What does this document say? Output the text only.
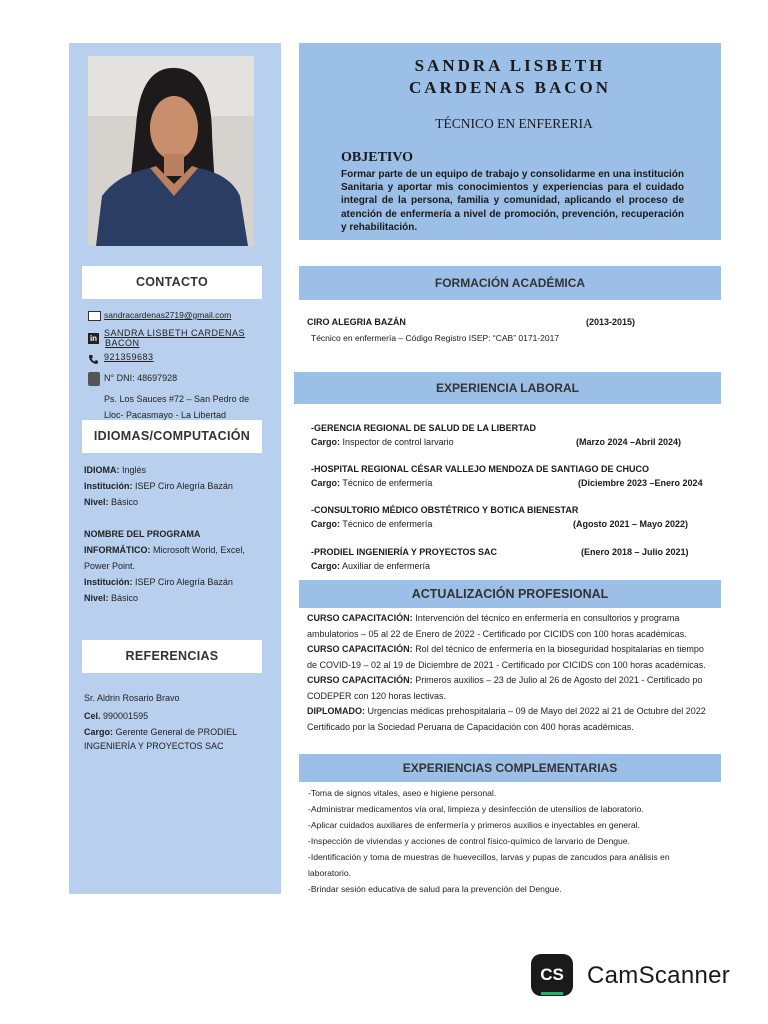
CONTACTO
sandracardenas2719@gmail.com
in
SANDRA LISBETH CARDENAS
BACON
921359683
N° DNI: 48697928
Ps. Los Sauces #72 – San Pedro de
Lloc- Pacasmayo - La Libertad
IDIOMAS/COMPUTACIÓN
IDIOMA: Inglés
Institución: ISEP Ciro Alegría Bazán
Nivel: Básico
NOMBRE DEL PROGRAMA
INFORMÁTICO: Microsoft World, Excel,
Power Point.
Institución: ISEP Ciro Alegría Bazán
Nivel: Básico
REFERENCIAS
Sr. Aldrin Rosario Bravo
Cel. 990001595
Cargo: Gerente General de PRODIEL
INGENIERÍA Y PROYECTOS SAC
SANDRA LISBETH
CARDENAS BACON
TÉCNICO EN ENFERERIA
OBJETIVO
Formar parte de un equipo de trabajo y consolidarme en una institución Sanitaria y aportar mis conocimientos y experiencias para el cuidado integral de la persona, familia y comunidad, aplicando el proceso de atención de enfermería a nivel de promoción, prevención, recuperación y rehabilitación.
FORMACIÓN ACADÉMICA
CIRO ALEGRIA BAZÁN	(2013-2015)
Técnico en enfermería – Código Registro ISEP: “CAB” 0171-2017
EXPERIENCIA LABORAL
-GERENCIA REGIONAL DE SALUD DE LA LIBERTAD
Cargo: Inspector de control larvario	(Marzo 2024 –Abril 2024)
-HOSPITAL REGIONAL CÉSAR VALLEJO MENDOZA DE SANTIAGO DE CHUCO
Cargo: Técnico de enfermería	(Diciembre 2023 –Enero 2024
-CONSULTORIO MÉDICO OBSTÉTRICO Y BOTICA BIENESTAR
Cargo: Técnico de enfermería	(Agosto 2021 – Mayo 2022)
-PRODIEL INGENIERÍA Y PROYECTOS SAC	(Enero 2018 – Julio 2021)
Cargo: Auxiliar de enfermería
ACTUALIZACIÓN PROFESIONAL
CURSO CAPACITACIÓN: Intervención del técnico en enfermería en consultorios y programa
ambulatorios – 05 al 22 de Enero de 2022 - Certificado por CICIDS con 100 horas académicas.
CURSO CAPACITACIÓN: Rol del técnico de enfermería en la bioseguridad hospitalarias en tiempo
de COVID-19 – 02 al 19 de Diciembre de 2021 - Certificado por CICIDS con 100 horas académicas.
CURSO CAPACITACIÓN: Primeros auxilios – 23 de Julio al 26 de Agosto del 2021 - Certificado po
CODEPER con 120 horas lectivas.
DIPLOMADO: Urgencias médicas prehospitalaria – 09 de Mayo del 2022 al 21 de Octubre del 2022
Certificado por la Sociedad Peruana de Capacidación con 400 horas académicas.
EXPERIENCIAS COMPLEMENTARIAS
-Toma de signos vitales, aseo e higiene personal.
-Administrar medicamentos vía oral, limpieza y desinfección de utensilios de laboratorio.
-Aplicar cuidados auxiliares de enfermería y primeros auxilios e inyectables en general.
-Inspección de viviendas y acciones de control físico-químico de larvario de Dengue.
-Identificación y toma de muestras de huevecillos, larvas y pupas de zancudos para análisis en
laboratorio.
-Brindar sesión educativa de salud para la prevención del Dengue.
CS CamScanner
